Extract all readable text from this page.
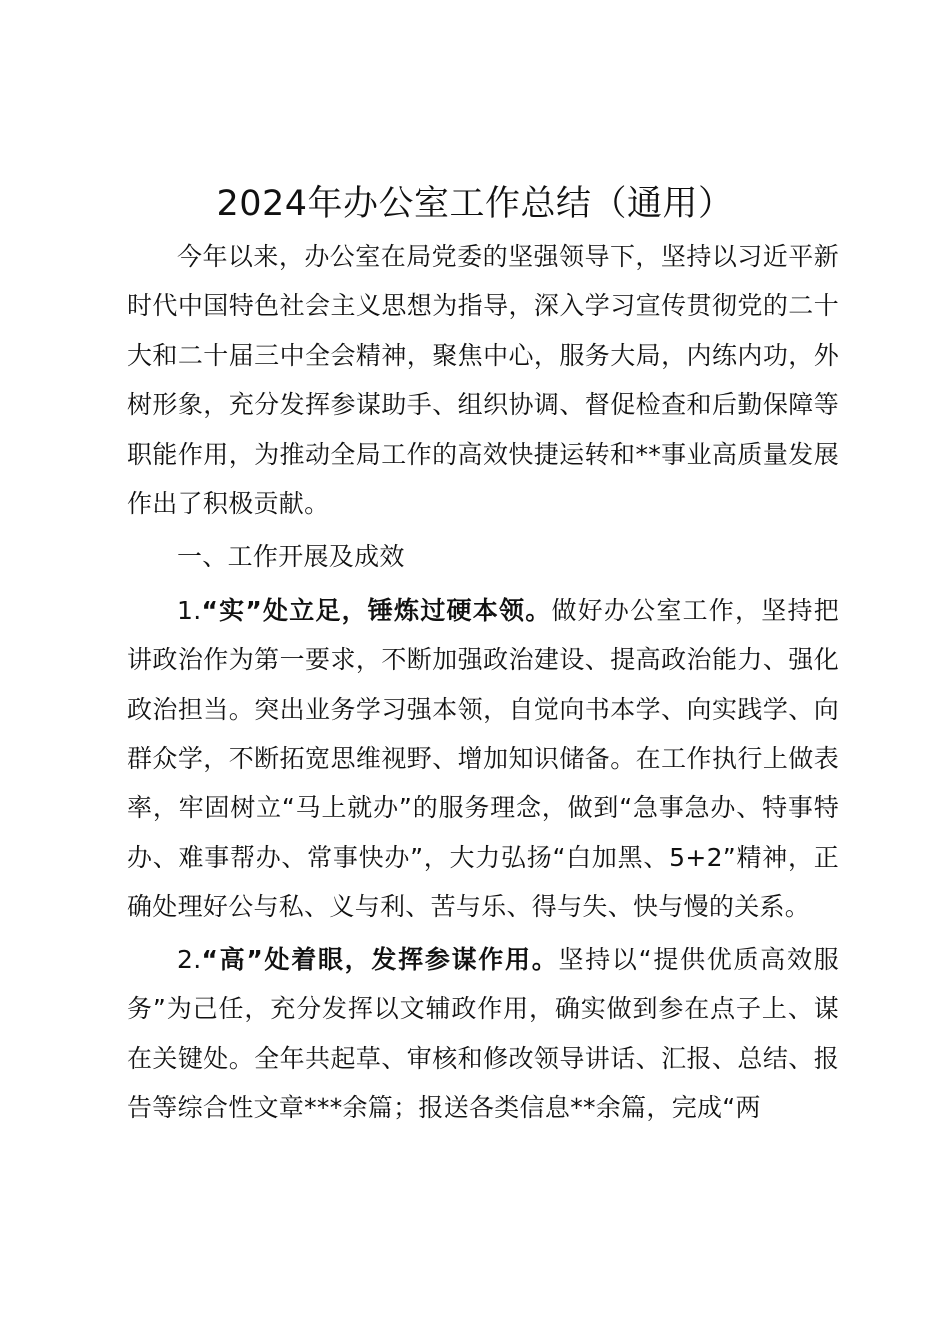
2024年办公室工作总结（通用）

今年以来，办公室在局党委的坚强领导下，坚持以习近平新时代中国特色社会主义思想为指导，深入学习宣传贯彻党的二十大和二十届三中全会精神，聚焦中心，服务大局，内练内功，外树形象，充分发挥参谋助手、组织协调、督促检查和后勤保障等职能作用，为推动全局工作的高效快捷运转和**事业高质量发展作出了积极贡献。

一、工作开展及成效

1.“实”处立足，锤炼过硬本领。做好办公室工作，坚持把讲政治作为第一要求，不断加强政治建设、提高政治能力、强化政治担当。突出业务学习强本领，自觉向书本学、向实践学、向群众学，不断拓宽思维视野、增加知识储备。在工作执行上做表率，牢固树立“马上就办”的服务理念，做到“急事急办、特事特办、难事帮办、常事快办”，大力弘扬“白加黑、5+2”精神，正确处理好公与私、义与利、苦与乐、得与失、快与慢的关系。

2.“高”处着眼，发挥参谋作用。坚持以“提供优质高效服务”为己任，充分发挥以文辅政作用，确实做到参在点子上、谋在关键处。全年共起草、审核和修改领导讲话、汇报、总结、报告等综合性文章***余篇；报送各类信息**余篇，完成“两
